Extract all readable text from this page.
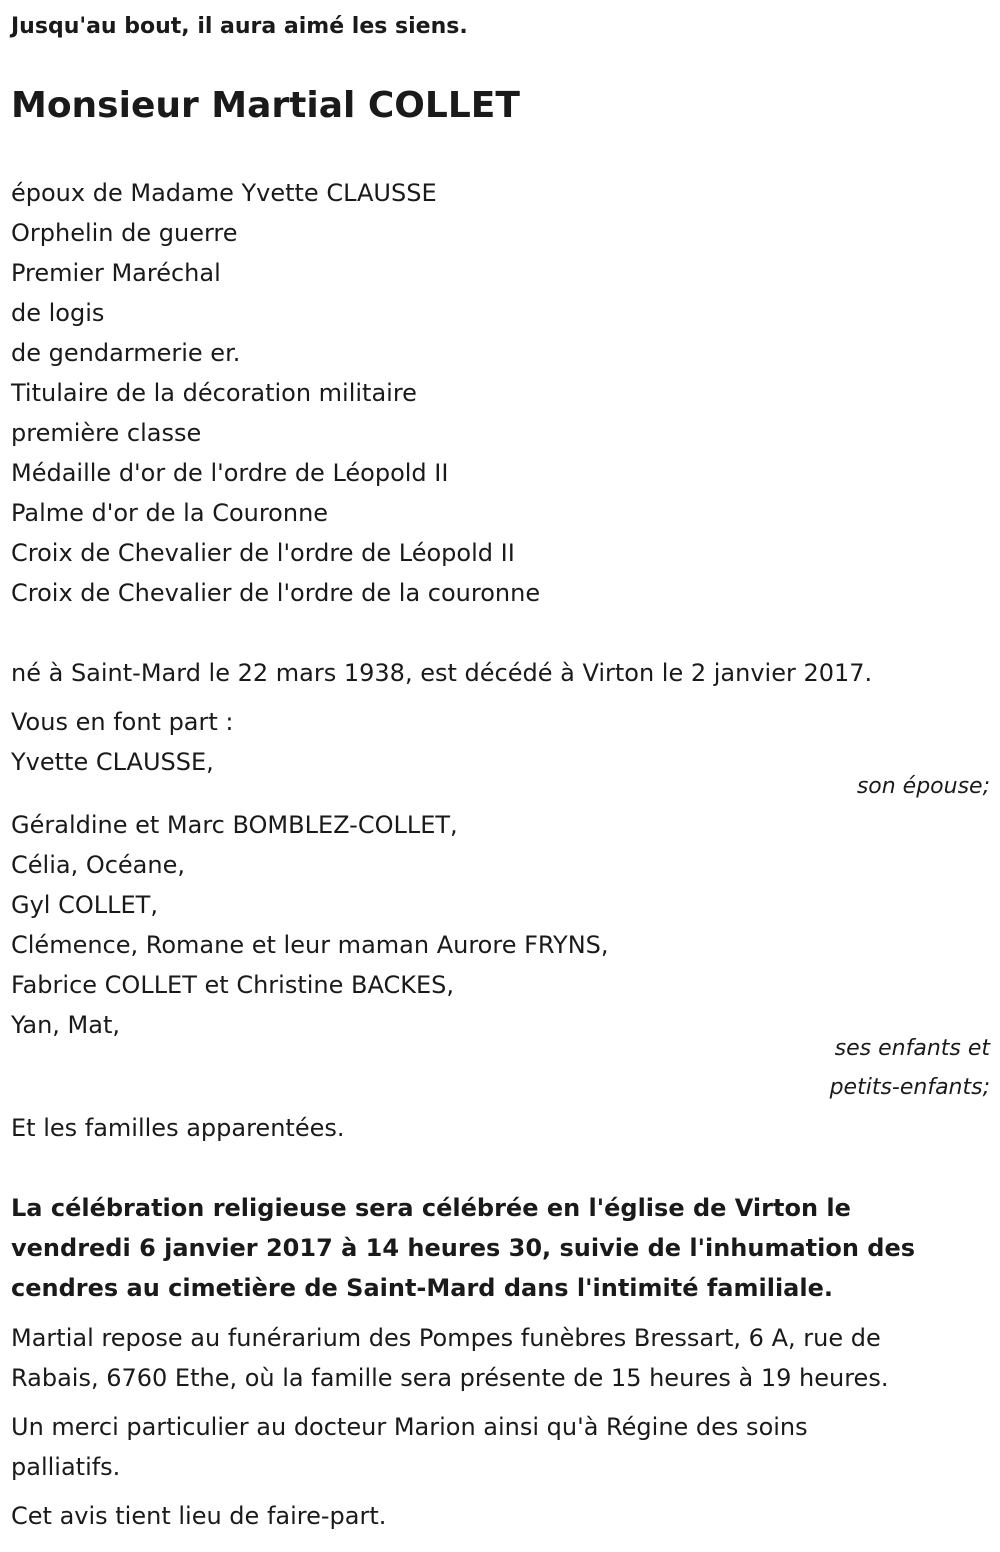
Jusqu'au bout, il aura aimé les siens.
Monsieur Martial COLLET
époux de Madame Yvette CLAUSSE
Orphelin de guerre
Premier Maréchal
de logis
de gendarmerie er.
Titulaire de la décoration militaire
première classe
Médaille d'or de l'ordre de Léopold II
Palme d'or de la Couronne
Croix de Chevalier de l'ordre de Léopold II
Croix de Chevalier de l'ordre de la couronne
né à Saint-Mard le 22 mars 1938, est décédé à Virton le 2 janvier 2017.
Vous en font part :
Yvette CLAUSSE,
son épouse;
Géraldine et Marc BOMBLEZ-COLLET,
Célia, Océane,
Gyl COLLET,
Clémence, Romane et leur maman Aurore FRYNS,
Fabrice COLLET et Christine BACKES,
Yan, Mat,
ses enfants et
petits-enfants;
Et les familles apparentées.
La célébration religieuse sera célébrée en l'église de Virton le
vendredi 6 janvier 2017 à 14 heures 30, suivie de l'inhumation des
cendres au cimetière de Saint-Mard dans l'intimité familiale.
Martial repose au funérarium des Pompes funèbres Bressart, 6 A, rue de
Rabais, 6760 Ethe, où la famille sera présente de 15 heures à 19 heures.
Un merci particulier au docteur Marion ainsi qu'à Régine des soins
palliatifs.
Cet avis tient lieu de faire-part.
